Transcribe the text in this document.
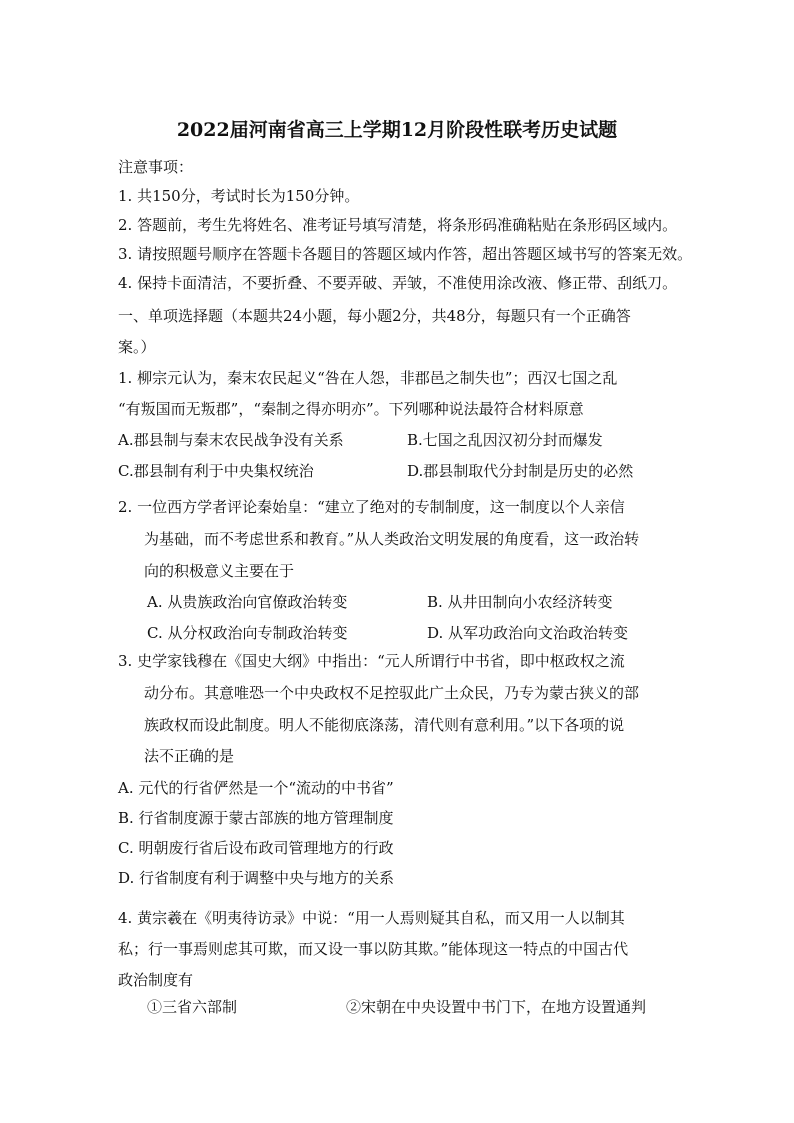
2022届河南省高三上学期12月阶段性联考历史试题
注意事项：
1. 共150分，考试时长为150分钟。
2. 答题前，考生先将姓名、准考证号填写清楚，将条形码准确粘贴在条形码区域内。
3. 请按照题号顺序在答题卡各题目的答题区域内作答，超出答题区域书写的答案无效。
4. 保持卡面清洁，不要折叠、不要弄破、弄皱，不准使用涂改液、修正带、刮纸刀。
一、单项选择题（本题共24小题，每小题2分，共48分，每题只有一个正确答
案。）
1. 柳宗元认为，秦末农民起义“咎在人怨，非郡邑之制失也”；西汉七国之乱
“有叛国而无叛郡”，“秦制之得亦明亦”。下列哪种说法最符合材料原意
A.郡县制与秦末农民战争没有关系	B.七国之乱因汉初分封而爆发
C.郡县制有利于中央集权统治	D.郡县制取代分封制是历史的必然
2. 一位西方学者评论秦始皇：“建立了绝对的专制制度，这一制度以个人亲信
为基础，而不考虑世系和教育。”从人类政治文明发展的角度看，这一政治转
向的积极意义主要在于
A. 从贵族政治向官僚政治转变	B. 从井田制向小农经济转变
C. 从分权政治向专制政治转变	D. 从军功政治向文治政治转变
3. 史学家钱穆在《国史大纲》中指出：“元人所谓行中书省，即中枢政权之流
动分布。其意唯恐一个中央政权不足控驭此广土众民，乃专为蒙古狭义的部
族政权而设此制度。明人不能彻底涤荡，清代则有意利用。”以下各项的说
法不正确的是
A. 元代的行省俨然是一个“流动的中书省”
B. 行省制度源于蒙古部族的地方管理制度
C. 明朝废行省后设布政司管理地方的行政
D. 行省制度有利于调整中央与地方的关系
4. 黄宗羲在《明夷待访录》中说：“用一人焉则疑其自私，而又用一人以制其
私；行一事焉则虑其可欺，而又设一事以防其欺。”能体现这一特点的中国古代
政治制度有
①三省六部制	②宋朝在中央设置中书门下，在地方设置通判
